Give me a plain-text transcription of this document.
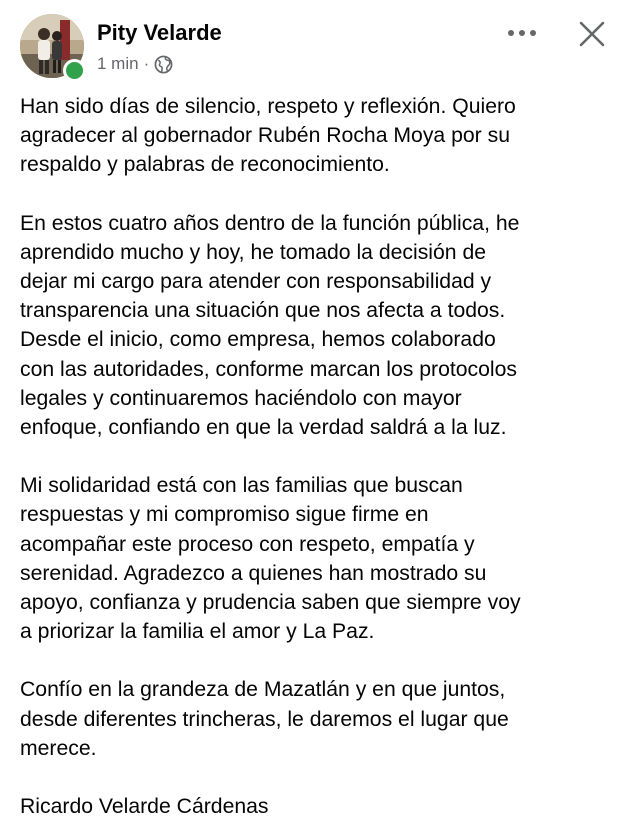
Pity Velarde
1 min ·

Han sido días de silencio, respeto y reflexión. Quiero
agradecer al gobernador Rubén Rocha Moya por su
respaldo y palabras de reconocimiento.

En estos cuatro años dentro de la función pública, he
aprendido mucho y hoy, he tomado la decisión de
dejar mi cargo para atender con responsabilidad y
transparencia una situación que nos afecta a todos.
Desde el inicio, como empresa, hemos colaborado
con las autoridades, conforme marcan los protocolos
legales y continuaremos haciéndolo con mayor
enfoque, confiando en que la verdad saldrá a la luz.

Mi solidaridad está con las familias que buscan
respuestas y mi compromiso sigue firme en
acompañar este proceso con respeto, empatía y
serenidad. Agradezco a quienes han mostrado su
apoyo, confianza y prudencia saben que siempre voy
a priorizar la familia el amor y La Paz.

Confío en la grandeza de Mazatlán y en que juntos,
desde diferentes trincheras, le daremos el lugar que
merece.

Ricardo Velarde Cárdenas
